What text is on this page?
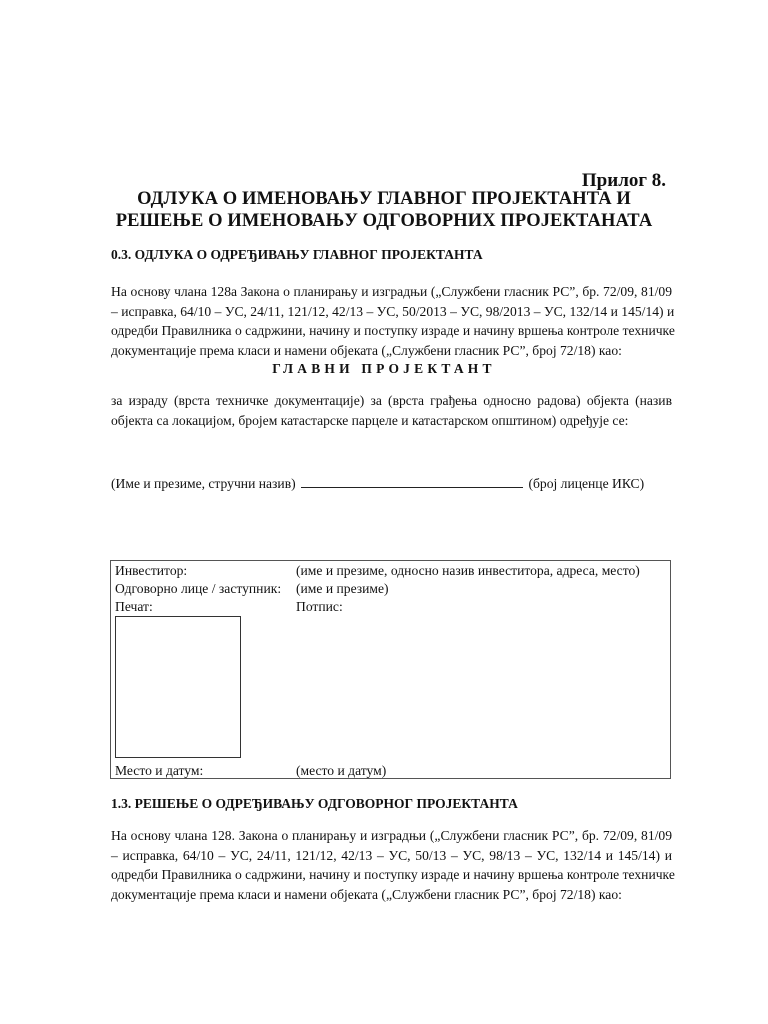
Прилог 8.
ОДЛУКА О ИМЕНОВАЊУ ГЛАВНОГ ПРОЈЕКТАНТА И
РЕШЕЊЕ О ИМЕНОВАЊУ ОДГОВОРНИХ ПРОЈЕКТАНАТА
0.3. ОДЛУКА О ОДРЕЂИВАЊУ ГЛАВНОГ ПРОЈЕКТАНТА
На основу члана 128а Закона о планирању и изградњи („Службени гласник РС”, бр. 72/09, 81/09
– исправка, 64/10 – УС, 24/11, 121/12, 42/13 – УС, 50/2013 – УС, 98/2013 – УС, 132/14 и 145/14) и
одредби Правилника о садржини, начину и поступку израде и начину вршења контроле техничке
документације према класи и намени објеката („Службени гласник РС”, број 72/18) као:
ГЛАВНИ ПРОЈЕКТАНТ
за израду (врста техничке документације) за (врста грађења односно радова) објекта (назив
објекта са локацијом, бројем катастарске парцеле и катастарском општином) одређује се:
(Име и презиме, стручни назив)	(број лиценце ИКС)
Инвеститор:	(име и презиме, односно назив инвеститора, адреса, место)
Одговорно лице / заступник: (име и презиме)
Печат:	Потпис:
Место и датум:	(место и датум)
1.3. РЕШЕЊЕ О ОДРЕЂИВАЊУ ОДГОВОРНОГ ПРОЈЕКТАНТА
На основу члана 128. Закона о планирању и изградњи („Службени гласник РС”, бр. 72/09, 81/09
– исправка, 64/10 – УС, 24/11, 121/12, 42/13 – УС, 50/13 – УС, 98/13 – УС, 132/14 и 145/14) и
одредби Правилника о садржини, начину и поступку израде и начину вршења контроле техничке
документације према класи и намени објеката („Службени гласник РС”, број 72/18) као:
